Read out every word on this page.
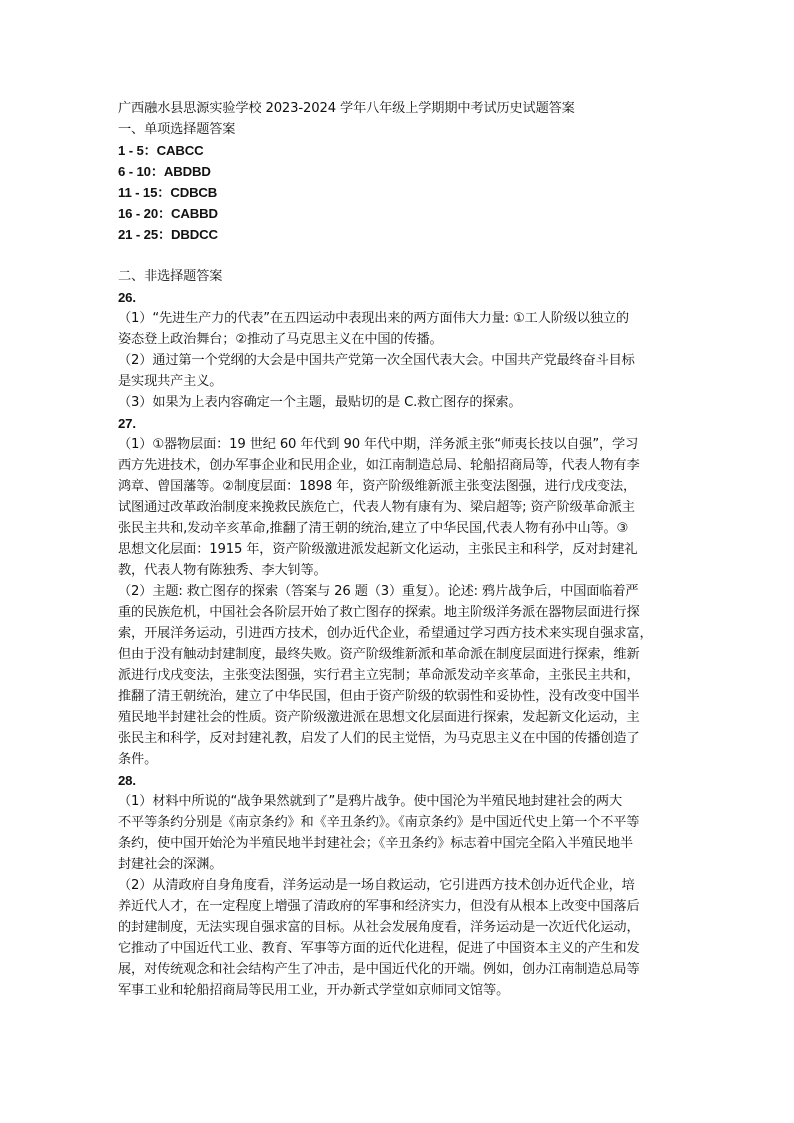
广西融水县思源实验学校 2023-2024 学年八年级上学期期中考试历史试题答案
一、单项选择题答案
1 - 5：CABCC
6 - 10：ABDBD
11 - 15：CDBCB
16 - 20：CABBD
21 - 25：DBDCC
二、非选择题答案
26.
（1）“先进生产力的代表”在五四运动中表现出来的两方面伟大力量: ①工人阶级以独立的
姿态登上政治舞台；②推动了马克思主义在中国的传播。
（2）通过第一个党纲的大会是中国共产党第一次全国代表大会。中国共产党最终奋斗目标
是实现共产主义。
（3）如果为上表内容确定一个主题，最贴切的是 C.救亡图存的探索。
27.
（1）①器物层面：19 世纪 60 年代到 90 年代中期，洋务派主张“师夷长技以自强”，学习
西方先进技术，创办军事企业和民用企业，如江南制造总局、轮船招商局等，代表人物有李
鸿章、曾国藩等。②制度层面：1898 年，资产阶级维新派主张变法图强，进行戊戌变法，
试图通过改革政治制度来挽救民族危亡，代表人物有康有为、梁启超等; 资产阶级革命派主
张民主共和,发动辛亥革命,推翻了清王朝的统治,建立了中华民国,代表人物有孙中山等。③
思想文化层面：1915 年，资产阶级激进派发起新文化运动，主张民主和科学，反对封建礼
教，代表人物有陈独秀、李大钊等。
（2）主题: 救亡图存的探索（答案与 26 题（3）重复）。论述: 鸦片战争后，中国面临着严
重的民族危机，中国社会各阶层开始了救亡图存的探索。地主阶级洋务派在器物层面进行探
索，开展洋务运动，引进西方技术，创办近代企业，希望通过学习西方技术来实现自强求富，
但由于没有触动封建制度，最终失败。资产阶级维新派和革命派在制度层面进行探索，维新
派进行戊戌变法，主张变法图强，实行君主立宪制；革命派发动辛亥革命，主张民主共和，
推翻了清王朝统治，建立了中华民国，但由于资产阶级的软弱性和妥协性，没有改变中国半
殖民地半封建社会的性质。资产阶级激进派在思想文化层面进行探索，发起新文化运动，主
张民主和科学，反对封建礼教，启发了人们的民主觉悟，为马克思主义在中国的传播创造了
条件。
28.
（1）材料中所说的“战争果然就到了”是鸦片战争。使中国沦为半殖民地封建社会的两大
不平等条约分别是《南京条约》和《辛丑条约》。《南京条约》是中国近代史上第一个不平等
条约，使中国开始沦为半殖民地半封建社会；《辛丑条约》标志着中国完全陷入半殖民地半
封建社会的深渊。
（2）从清政府自身角度看，洋务运动是一场自救运动，它引进西方技术创办近代企业，培
养近代人才，在一定程度上增强了清政府的军事和经济实力，但没有从根本上改变中国落后
的封建制度，无法实现自强求富的目标。从社会发展角度看，洋务运动是一次近代化运动，
它推动了中国近代工业、教育、军事等方面的近代化进程，促进了中国资本主义的产生和发
展，对传统观念和社会结构产生了冲击，是中国近代化的开端。例如，创办江南制造总局等
军事工业和轮船招商局等民用工业，开办新式学堂如京师同文馆等。
